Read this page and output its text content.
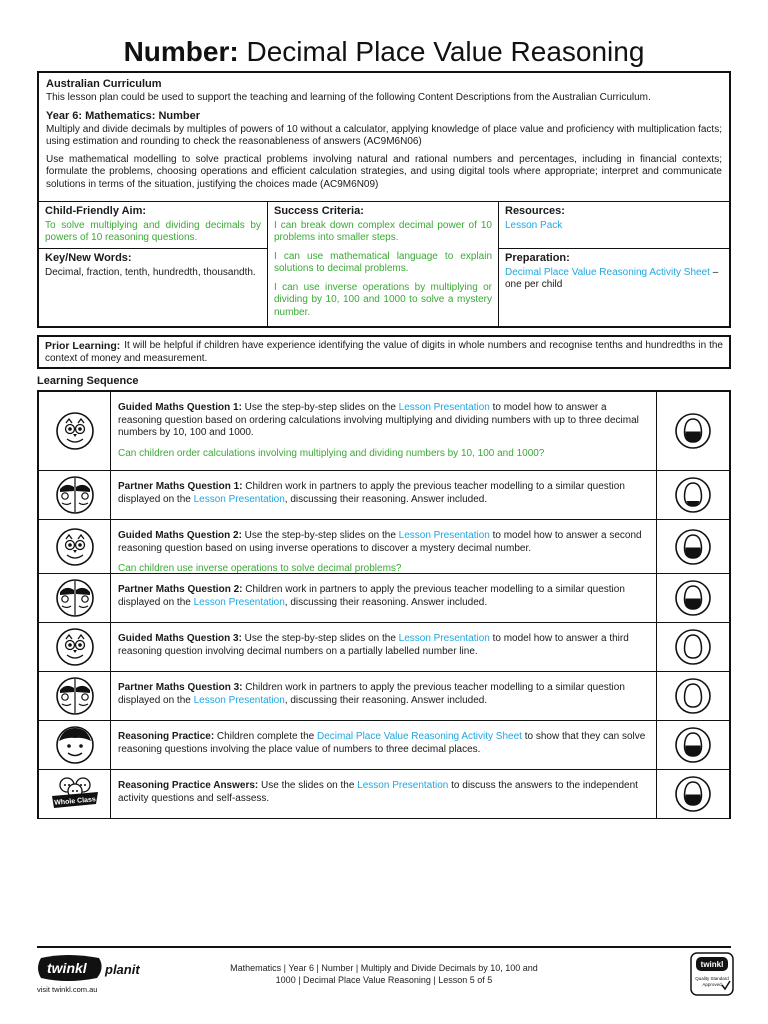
Number: Decimal Place Value Reasoning
Australian Curriculum

This lesson plan could be used to support the teaching and learning of the following Content Descriptions from the Australian Curriculum.

Year 6: Mathematics: Number

Multiply and divide decimals by multiples of powers of 10 without a calculator, applying knowledge of place value and proficiency with multiplication facts; using estimation and rounding to check the reasonableness of answers (AC9M6N06)

Use mathematical modelling to solve practical problems involving natural and rational numbers and percentages, including in financial contexts; formulate the problems, choosing operations and efficient calculation strategies, and using digital tools where appropriate; interpret and communicate solutions in terms of the situation, justifying the choices made (AC9M6N09)

Child-Friendly Aim:
To solve multiplying and dividing decimals by powers of 10 reasoning questions.
Key/New Words:
Decimal, fraction, tenth, hundredth, thousandth.
Success Criteria:

I can break down complex decimal power of 10 problems into smaller steps.

I can use mathematical language to explain solutions to decimal problems.

I can use inverse operations by multiplying or dividing by 10, 100 and 1000 to solve a mystery number.

Resources:
Lesson Pack
Preparation:
Decimal Place Value Reasoning Activity Sheet – one per child
Prior Learning: It will be helpful if children have experience identifying the value of digits in whole numbers and recognise tenths and hundredths in the context of money and measurement.
Learning Sequence

Guided Maths Question 1: Use the step-by-step slides on the Lesson Presentation to model how to answer a reasoning question based on ordering calculations involving multiplying and dividing numbers with up to three decimal numbers by 10, 100 and 1000.

Can children order calculations involving multiplying and dividing numbers by 10, 100 and 1000?

Partner Maths Question 1: Children work in partners to apply the previous teacher modelling to a similar question displayed on the Lesson Presentation, discussing their reasoning. Answer included.

Guided Maths Question 2: Use the step-by-step slides on the Lesson Presentation to model how to answer a second reasoning question based on using inverse operations to discover a mystery decimal number.

Can children use inverse operations to solve decimal problems?

Partner Maths Question 2: Children work in partners to apply the previous teacher modelling to a similar question displayed on the Lesson Presentation, discussing their reasoning. Answer included.

Guided Maths Question 3: Use the step-by-step slides on the Lesson Presentation to model how to answer a third reasoning question involving decimal numbers on a partially labelled number line.

Partner Maths Question 3: Children work in partners to apply the previous teacher modelling to a similar question displayed on the Lesson Presentation, discussing their reasoning. Answer included.

Reasoning Practice: Children complete the Decimal Place Value Reasoning Activity Sheet to show that they can solve reasoning questions involving the place value of numbers to three decimal places.

Whole Class

Reasoning Practice Answers: Use the slides on the Lesson Presentation to discuss the answers to the independent activity questions and self-assess.

twinkl planit
visit twinkl.com.au
Mathematics | Year 6 | Number | Multiply and Divide Decimals by 10, 100 and
1000 | Decimal Place Value Reasoning | Lesson 5 of 5
twinkl
Quality Standard
Approved
